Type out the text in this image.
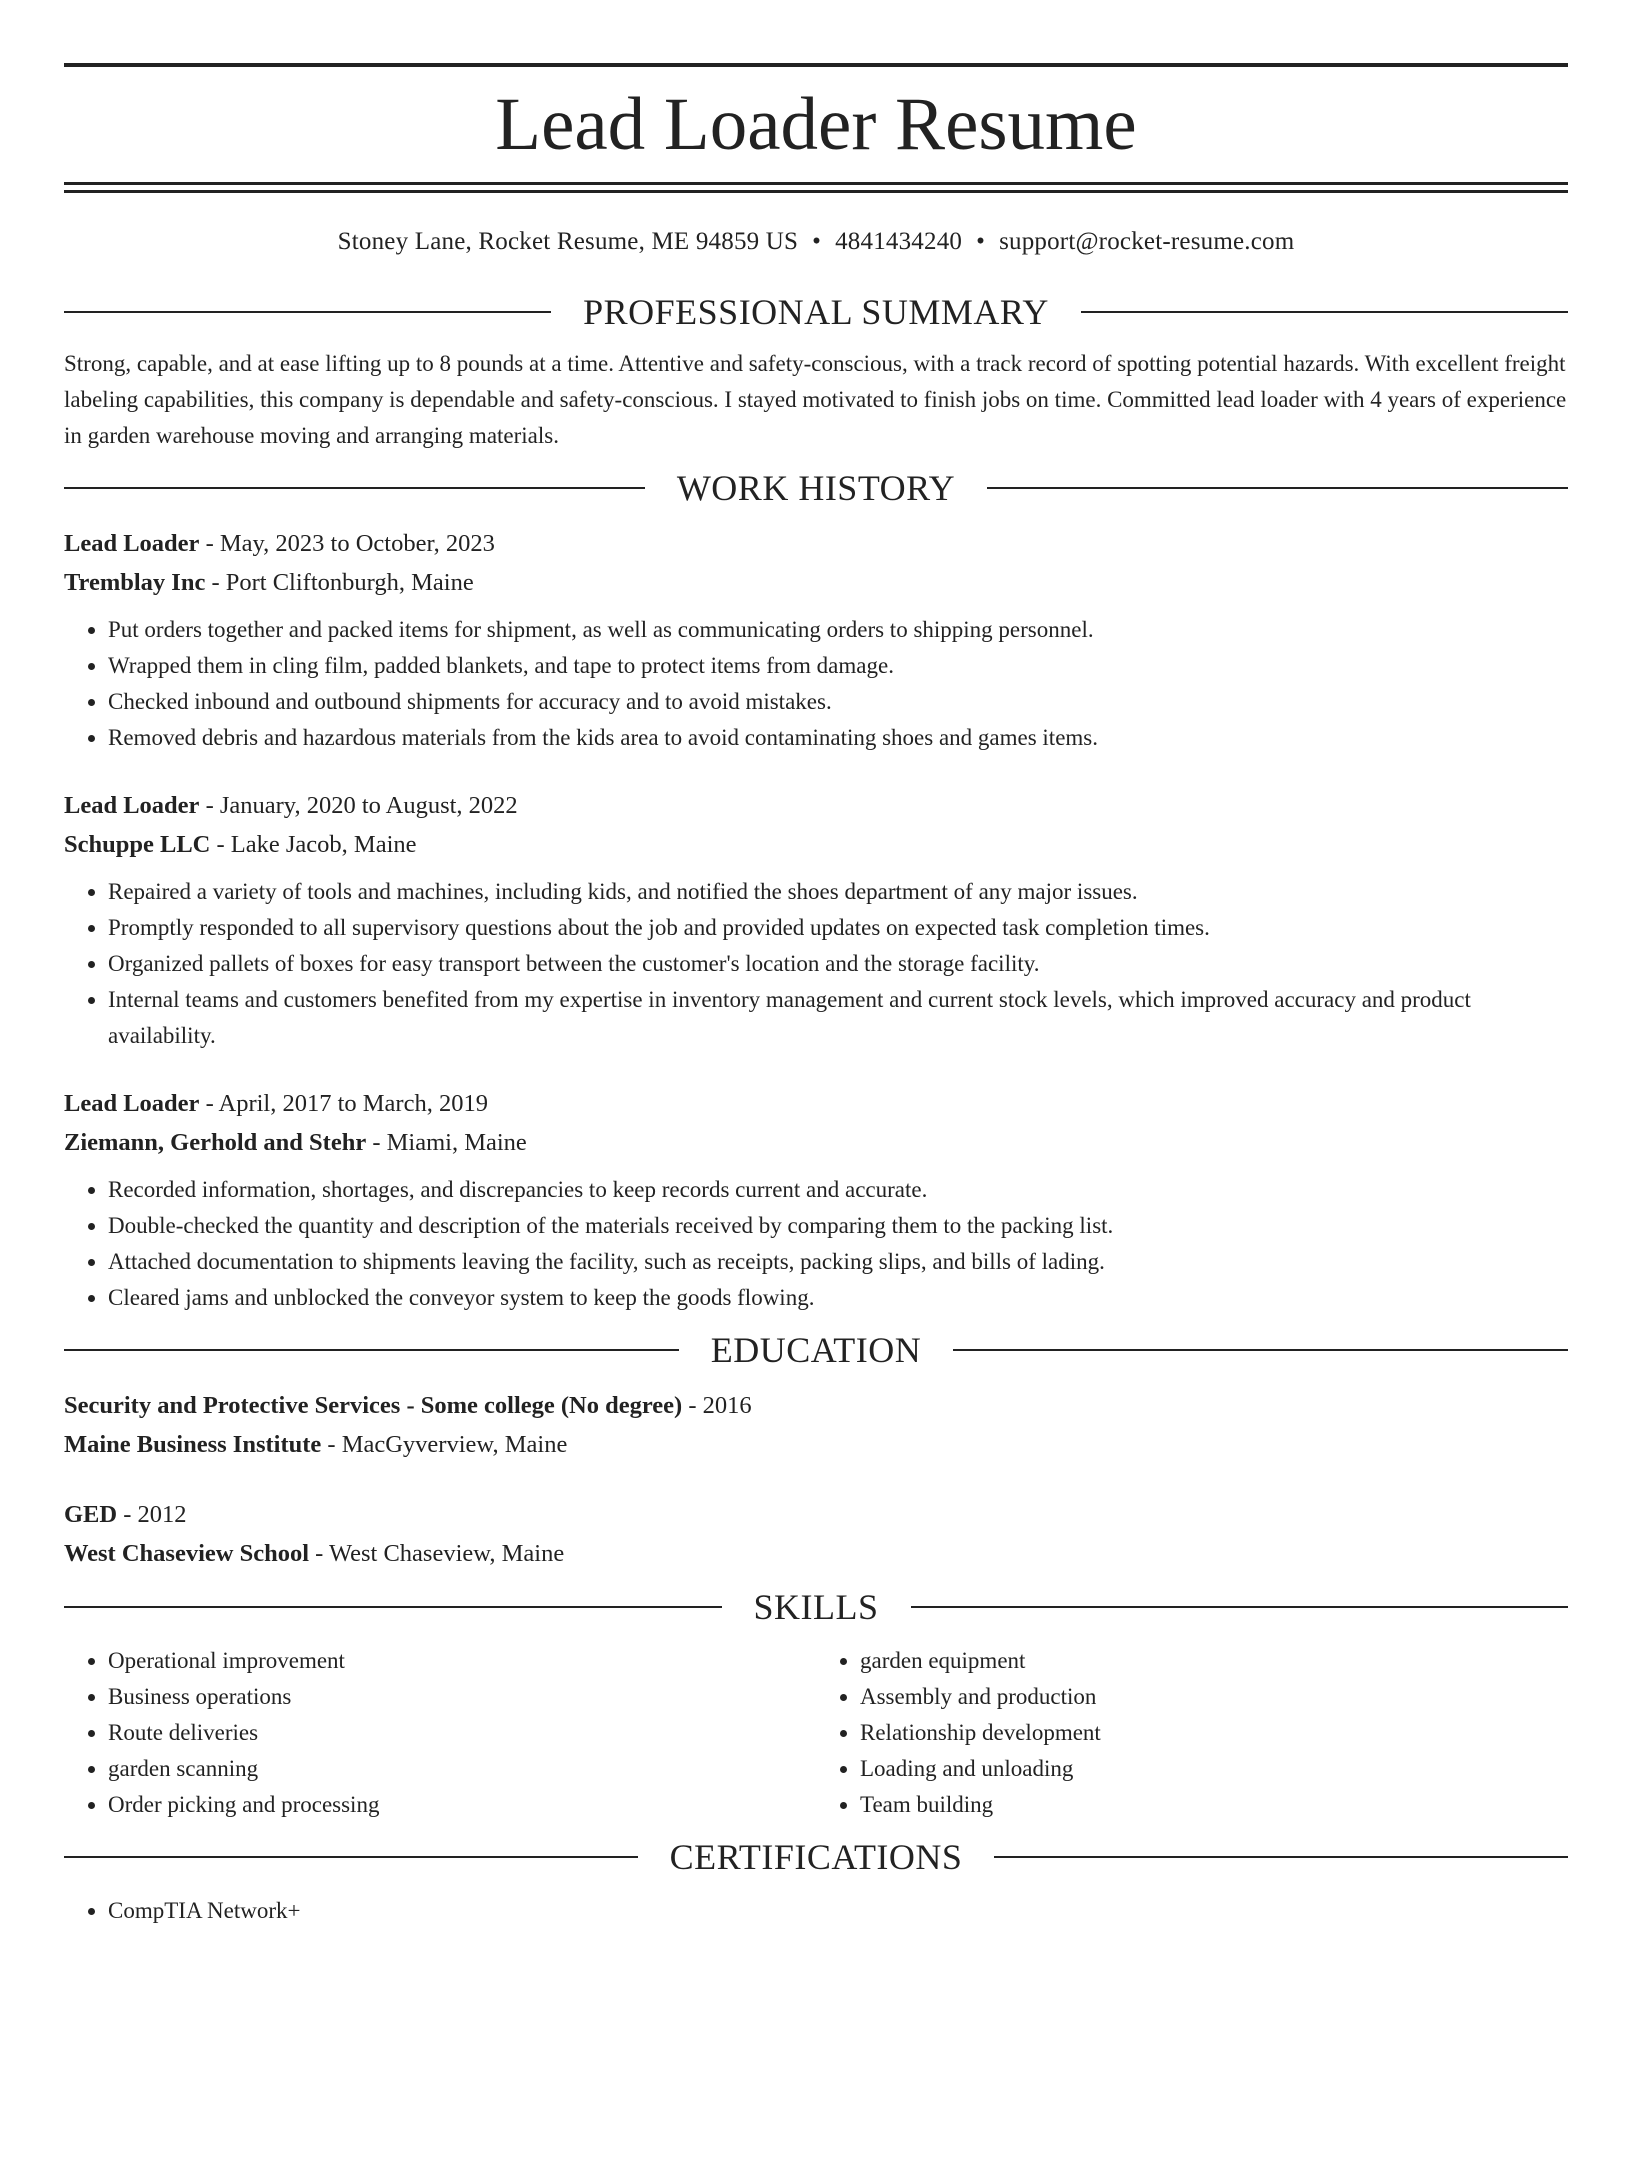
Lead Loader Resume
Stoney Lane, Rocket Resume, ME 94859 US • 4841434240 • support@rocket-resume.com
PROFESSIONAL SUMMARY

Strong, capable, and at ease lifting up to 8 pounds at a time. Attentive and safety-conscious, with a track record of spotting potential hazards. With excellent freight labeling capabilities, this company is dependable and safety-conscious. I stayed motivated to finish jobs on time. Committed lead loader with 4 years of experience in garden warehouse moving and arranging materials.

WORK HISTORY

Lead Loader - May, 2023 to October, 2023

Tremblay Inc - Port Cliftonburgh, Maine

• Put orders together and packed items for shipment, as well as communicating orders to shipping personnel.
• Wrapped them in cling film, padded blankets, and tape to protect items from damage.
• Checked inbound and outbound shipments for accuracy and to avoid mistakes.
• Removed debris and hazardous materials from the kids area to avoid contaminating shoes and games items.

Lead Loader - January, 2020 to August, 2022

Schuppe LLC - Lake Jacob, Maine

• Repaired a variety of tools and machines, including kids, and notified the shoes department of any major issues.
• Promptly responded to all supervisory questions about the job and provided updates on expected task completion times.
• Organized pallets of boxes for easy transport between the customer's location and the storage facility.
• Internal teams and customers benefited from my expertise in inventory management and current stock levels, which improved accuracy and product availability.

Lead Loader - April, 2017 to March, 2019

Ziemann, Gerhold and Stehr - Miami, Maine

• Recorded information, shortages, and discrepancies to keep records current and accurate.
• Double-checked the quantity and description of the materials received by comparing them to the packing list.
• Attached documentation to shipments leaving the facility, such as receipts, packing slips, and bills of lading.
• Cleared jams and unblocked the conveyor system to keep the goods flowing.
EDUCATION

Security and Protective Services - Some college (No degree) - 2016

Maine Business Institute - MacGyverview, Maine

GED - 2012

West Chaseview School - West Chaseview, Maine

SKILLS
• Operational improvement
• Business operations
• Route deliveries
• garden scanning
• Order picking and processing
• garden equipment
• Assembly and production
• Relationship development
• Loading and unloading
• Team building
CERTIFICATIONS
• CompTIA Network+
